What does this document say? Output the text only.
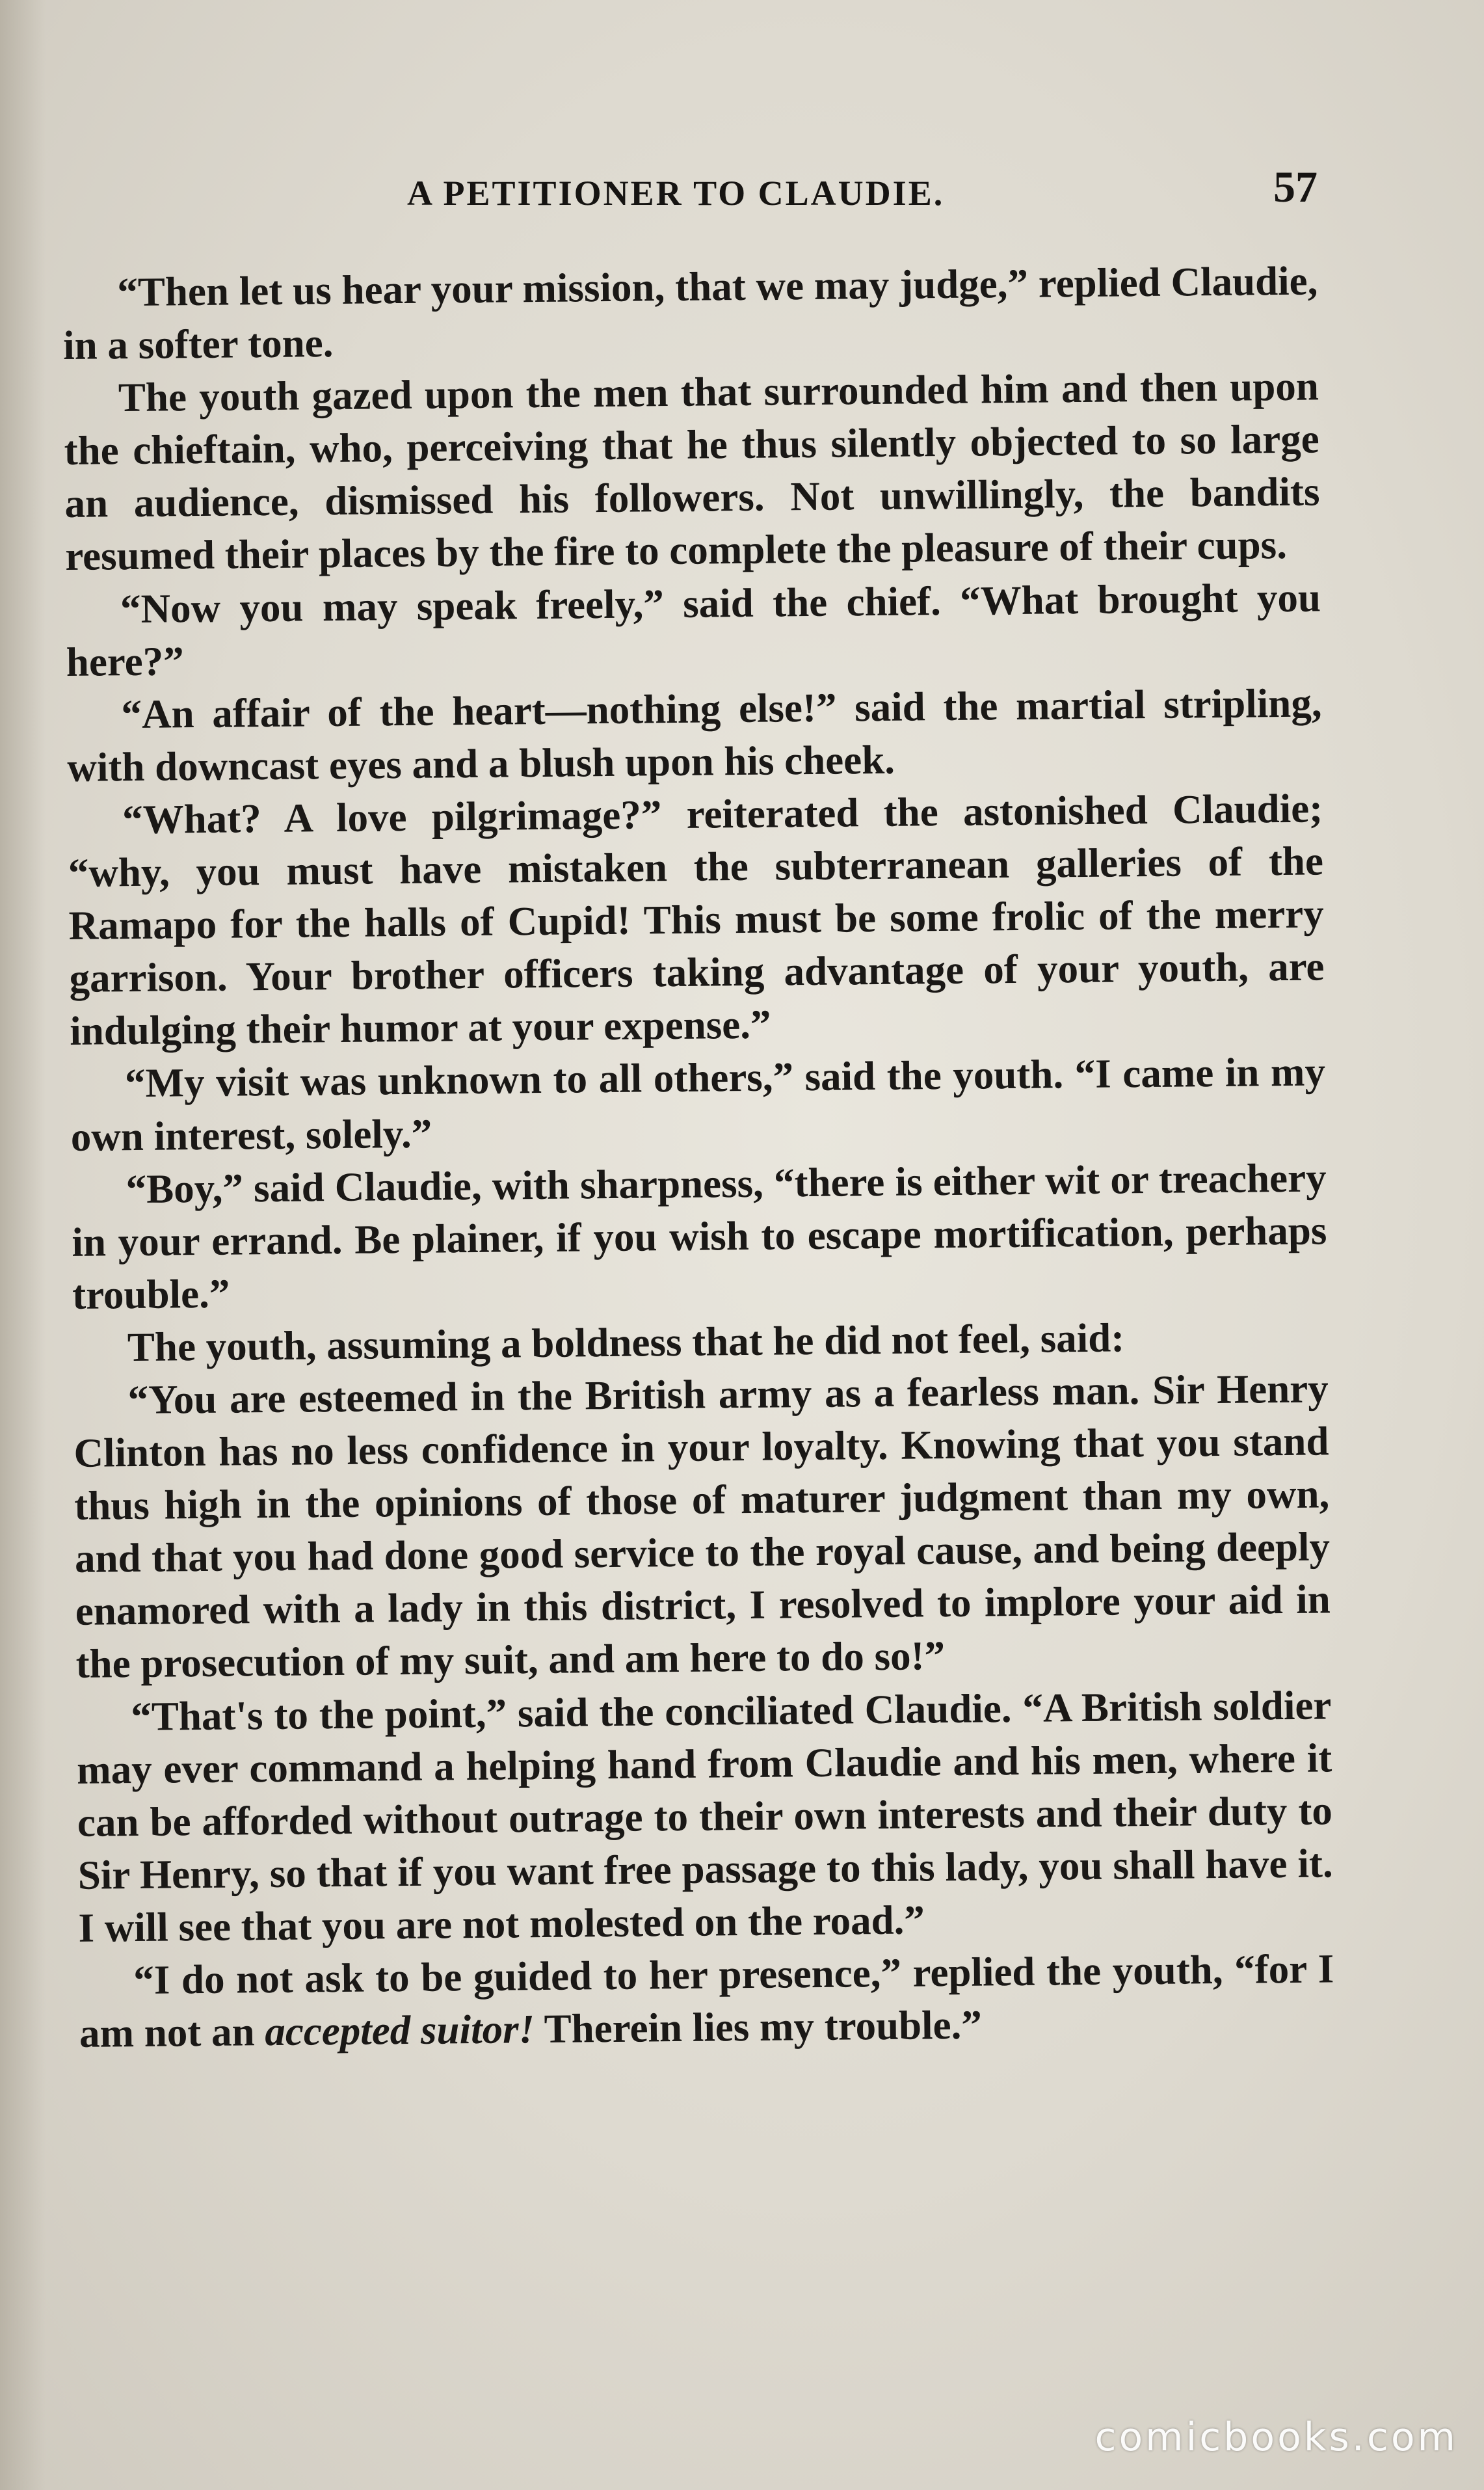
A PETITIONER TO CLAUDIE.	57

“Then let us hear your mission, that we may judge,” replied Claudie, in a softer tone.

The youth gazed upon the men that surrounded him and then upon the chieftain, who, perceiving that he thus silently objected to so large an audience, dismissed his followers. Not unwillingly, the bandits resumed their places by the fire to complete the pleasure of their cups.

“Now you may speak freely,” said the chief. “What brought you here?”

“An affair of the heart—nothing else!” said the martial stripling, with downcast eyes and a blush upon his cheek.

“What? A love pilgrimage?” reiterated the astonished Claudie; “why, you must have mistaken the subterranean galleries of the Ramapo for the halls of Cupid! This must be some frolic of the merry garrison. Your brother officers taking advantage of your youth, are indulging their humor at your expense.”

“My visit was unknown to all others,” said the youth. “I came in my own interest, solely.”

“Boy,” said Claudie, with sharpness, “there is either wit or treachery in your errand. Be plainer, if you wish to escape mortification, perhaps trouble.”

The youth, assuming a boldness that he did not feel, said:

“You are esteemed in the British army as a fearless man. Sir Henry Clinton has no less confidence in your loyalty. Knowing that you stand thus high in the opinions of those of maturer judgment than my own, and that you had done good service to the royal cause, and being deeply enamored with a lady in this district, I resolved to implore your aid in the prosecution of my suit, and am here to do so!”

“That's to the point,” said the conciliated Claudie. “A British soldier may ever command a helping hand from Claudie and his men, where it can be afforded without outrage to their own interests and their duty to Sir Henry, so that if you want free passage to this lady, you shall have it. I will see that you are not molested on the road.”

“I do not ask to be guided to her presence,” replied the youth, “for I am not an accepted suitor! Therein lies my trouble.”

comicbooks.com
